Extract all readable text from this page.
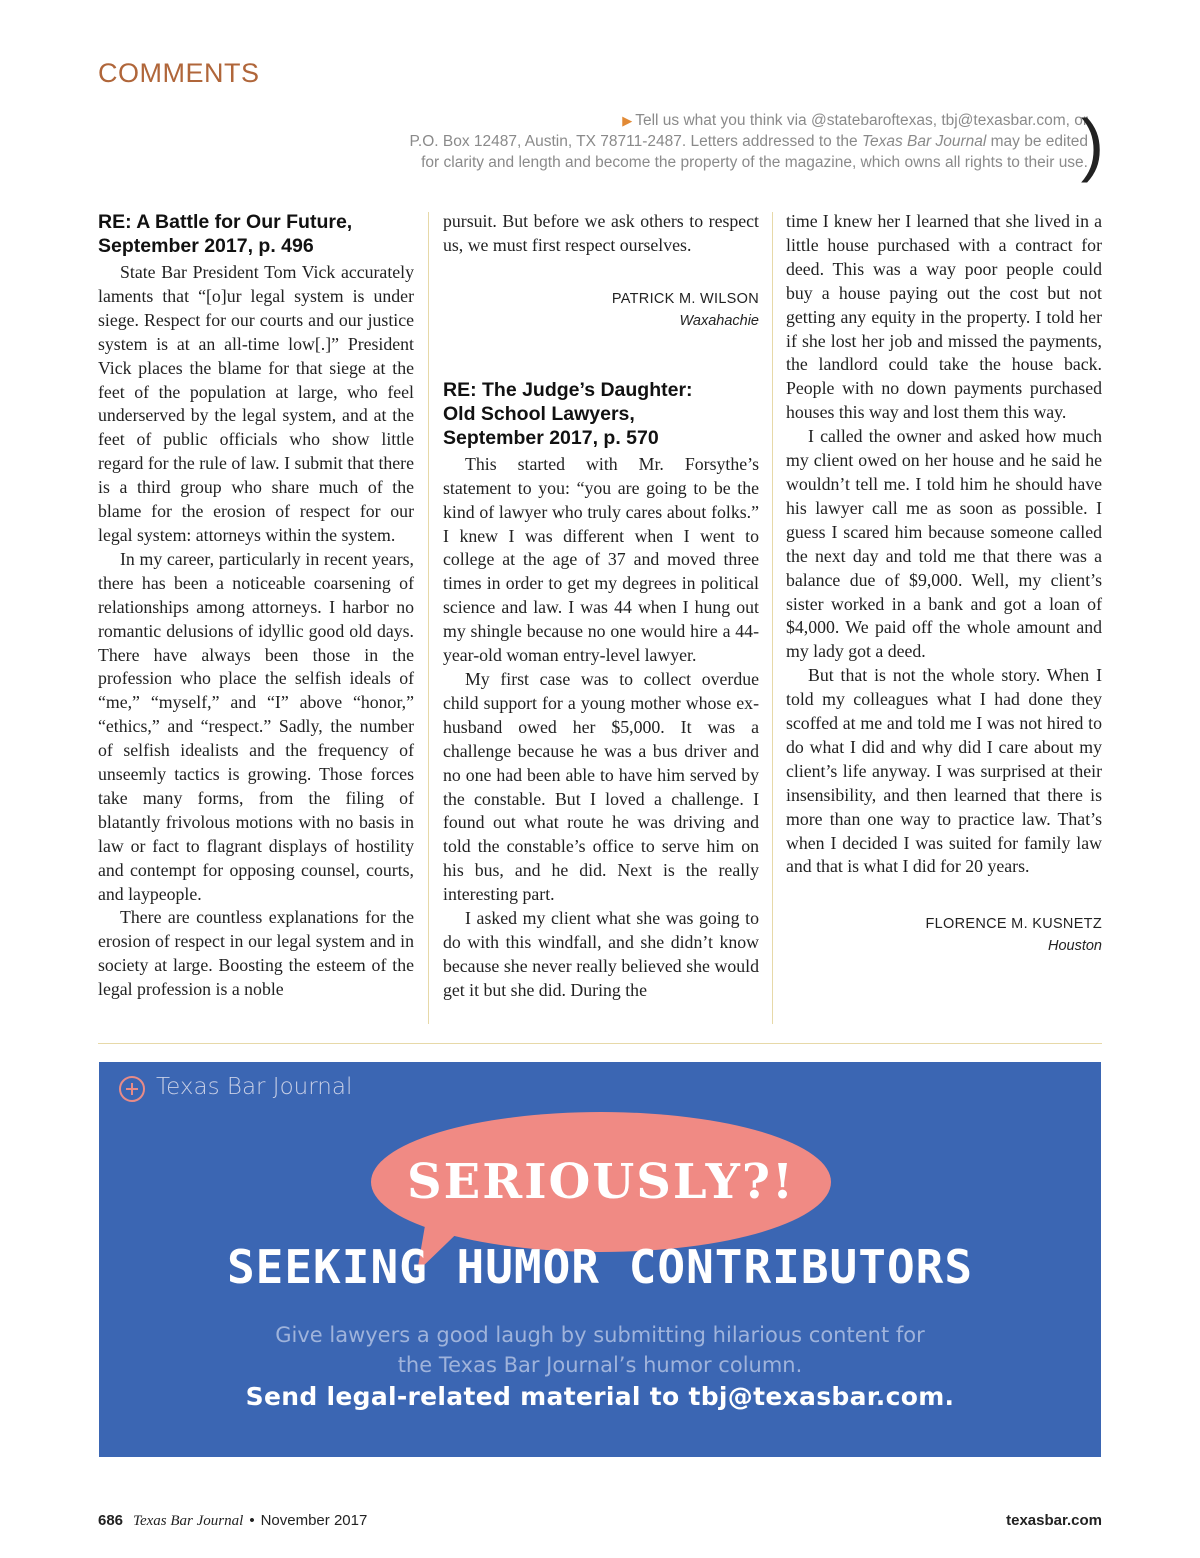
COMMENTS
▶ Tell us what you think via @statebaroftexas, tbj@texasbar.com, or
P.O. Box 12487, Austin, TX 78711-2487. Letters addressed to the Texas Bar Journal may be edited
for clarity and length and become the property of the magazine, which owns all rights to their use.
)
RE: A Battle for Our Future,
September 2017, p. 496

State Bar President Tom Vick accurately laments that “[o]ur legal system is under siege. Respect for our courts and our justice system is at an all-time low[.]” President Vick places the blame for that siege at the feet of the population at large, who feel underserved by the legal system, and at the feet of public officials who show little regard for the rule of law. I submit that there is a third group who share much of the blame for the erosion of respect for our legal system: attorneys within the system.

In my career, particularly in recent years, there has been a noticeable coarsening of relationships among attorneys. I harbor no romantic delusions of idyllic good old days. There have always been those in the profession who place the selfish ideals of “me,” “myself,” and “I” above “honor,” “ethics,” and “respect.” Sadly, the number of selfish idealists and the frequency of unseemly tactics is growing. Those forces take many forms, from the filing of blatantly frivolous motions with no basis in law or fact to flagrant displays of hostility and contempt for opposing counsel, courts, and laypeople.

There are countless explanations for the erosion of respect in our legal system and in society at large. Boosting the esteem of the legal profession is a noble

pursuit. But before we ask others to respect us, we must first respect ourselves.

PATRICK M. WILSON
Waxahachie
RE: The Judge’s Daughter:
Old School Lawyers,
September 2017, p. 570

This started with Mr. Forsythe’s statement to you: “you are going to be the kind of lawyer who truly cares about folks.” I knew I was different when I went to college at the age of 37 and moved three times in order to get my degrees in political science and law. I was 44 when I hung out my shingle because no one would hire a 44-year-old woman entry-level lawyer.

My first case was to collect overdue child support for a young mother whose ex-husband owed her $5,000. It was a challenge because he was a bus driver and no one had been able to have him served by the constable. But I loved a challenge. I found out what route he was driving and told the constable’s office to serve him on his bus, and he did. Next is the really interesting part.

I asked my client what she was going to do with this windfall, and she didn’t know because she never really believed she would get it but she did. During the

time I knew her I learned that she lived in a little house purchased with a contract for deed. This was a way poor people could buy a house paying out the cost but not getting any equity in the property. I told her if she lost her job and missed the payments, the landlord could take the house back. People with no down payments purchased houses this way and lost them this way.

I called the owner and asked how much my client owed on her house and he said he wouldn’t tell me. I told him he should have his lawyer call me as soon as possible. I guess I scared him because someone called the next day and told me that there was a balance due of $9,000. Well, my client’s sister worked in a bank and got a loan of $4,000. We paid off the whole amount and my lady got a deed.

But that is not the whole story. When I told my colleagues what I had done they scoffed at me and told me I was not hired to do what I did and why did I care about my client’s life anyway. I was surprised at their insensibility, and then learned that there is more than one way to practice law. That’s when I decided I was suited for family law and that is what I did for 20 years.

FLORENCE M. KUSNETZ
Houston
Texas Bar Journal
SERIOUSLY?!
SEEKING HUMOR CONTRIBUTORS
Give lawyers a good laugh by submitting hilarious content for
the Texas Bar Journal’s humor column.
Send legal-related material to tbj@texasbar.com.
686 Texas Bar Journal • November 2017	texasbar.com
